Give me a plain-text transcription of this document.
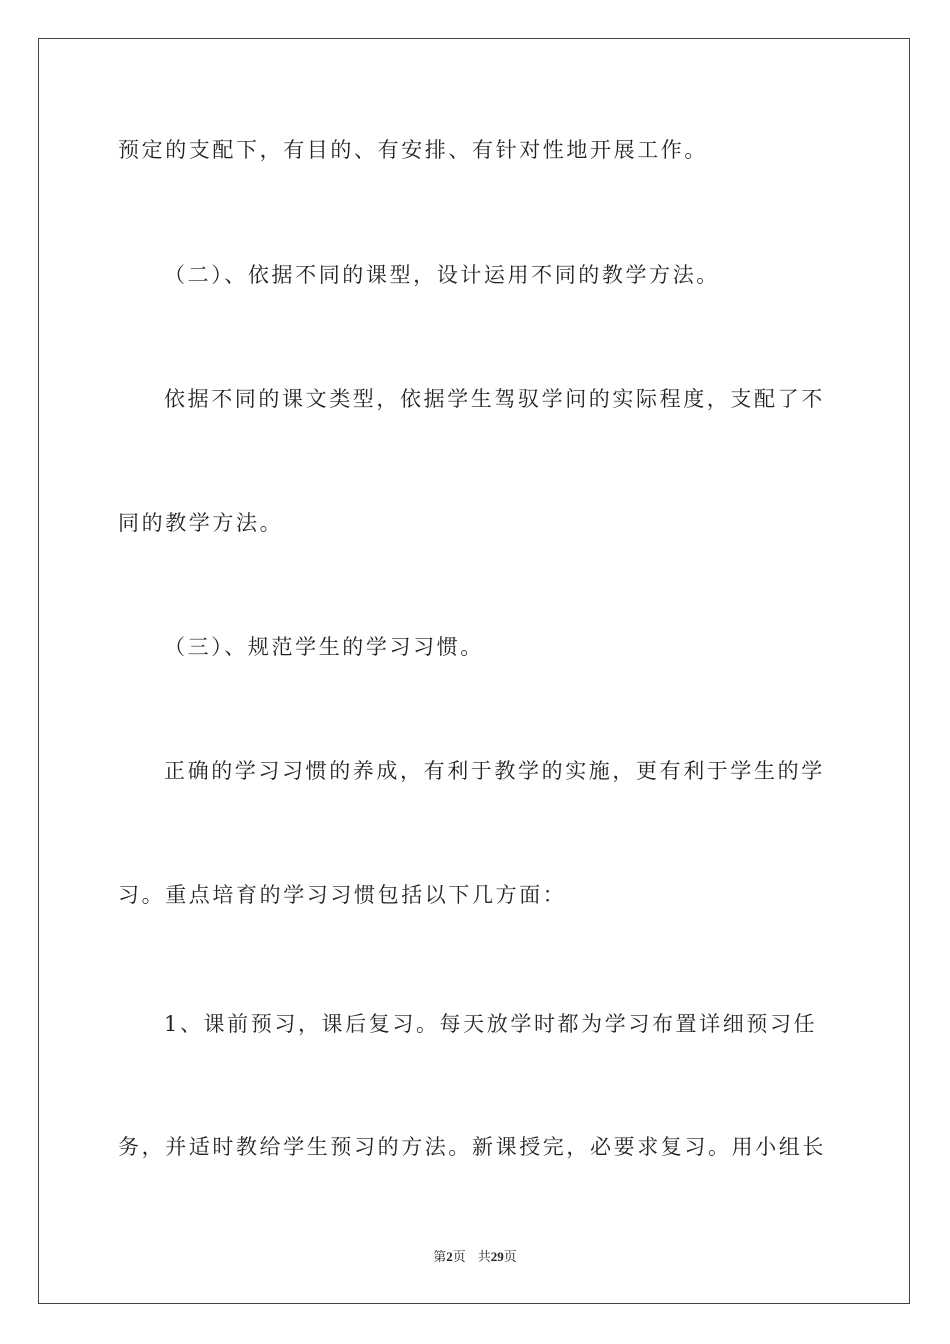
预定的支配下，有目的、有安排、有针对性地开展工作。
（二）、依据不同的课型，设计运用不同的教学方法。
依据不同的课文类型，依据学生驾驭学问的实际程度，支配了不
同的教学方法。
（三）、规范学生的学习习惯。
正确的学习习惯的养成，有利于教学的实施，更有利于学生的学
习。重点培育的学习习惯包括以下几方面：
1、课前预习，课后复习。每天放学时都为学习布置详细预习任
务，并适时教给学生预习的方法。新课授完，必要求复习。用小组长
第2页 共29页
